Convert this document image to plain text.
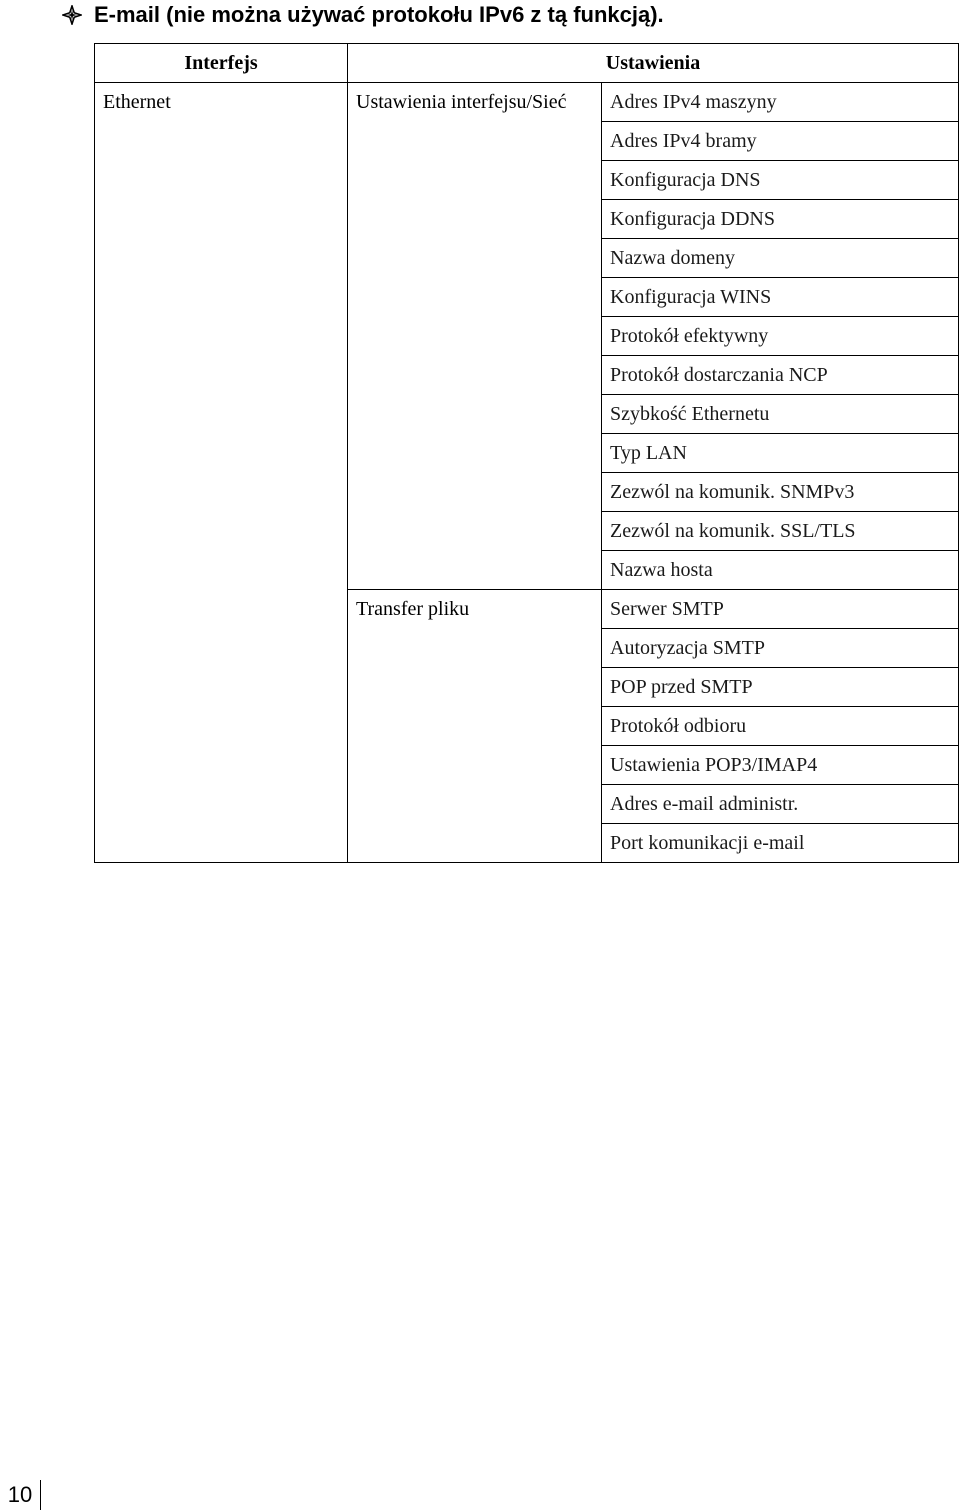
E-mail (nie można używać protokołu IPv6 z tą funkcją).
Interfejs	Ustawienia	

Ethernet	Ustawienia interfejsu/Sieć	Adres IPv4 maszyny
		Adres IPv4 bramy
		Konfiguracja DNS
		Konfiguracja DDNS
		Nazwa domeny
		Konfiguracja WINS
		Protokół efektywny
		Protokół dostarczania NCP
		Szybkość Ethernetu
		Typ LAN
		Zezwól na komunik. SNMPv3
		Zezwól na komunik. SSL/TLS
		Nazwa hosta

	Transfer pliku	Serwer SMTP
		Autoryzacja SMTP
		POP przed SMTP
		Protokół odbioru
		Ustawienia POP3/IMAP4
		Adres e-mail administr.
		Port komunikacji e-mail
10
